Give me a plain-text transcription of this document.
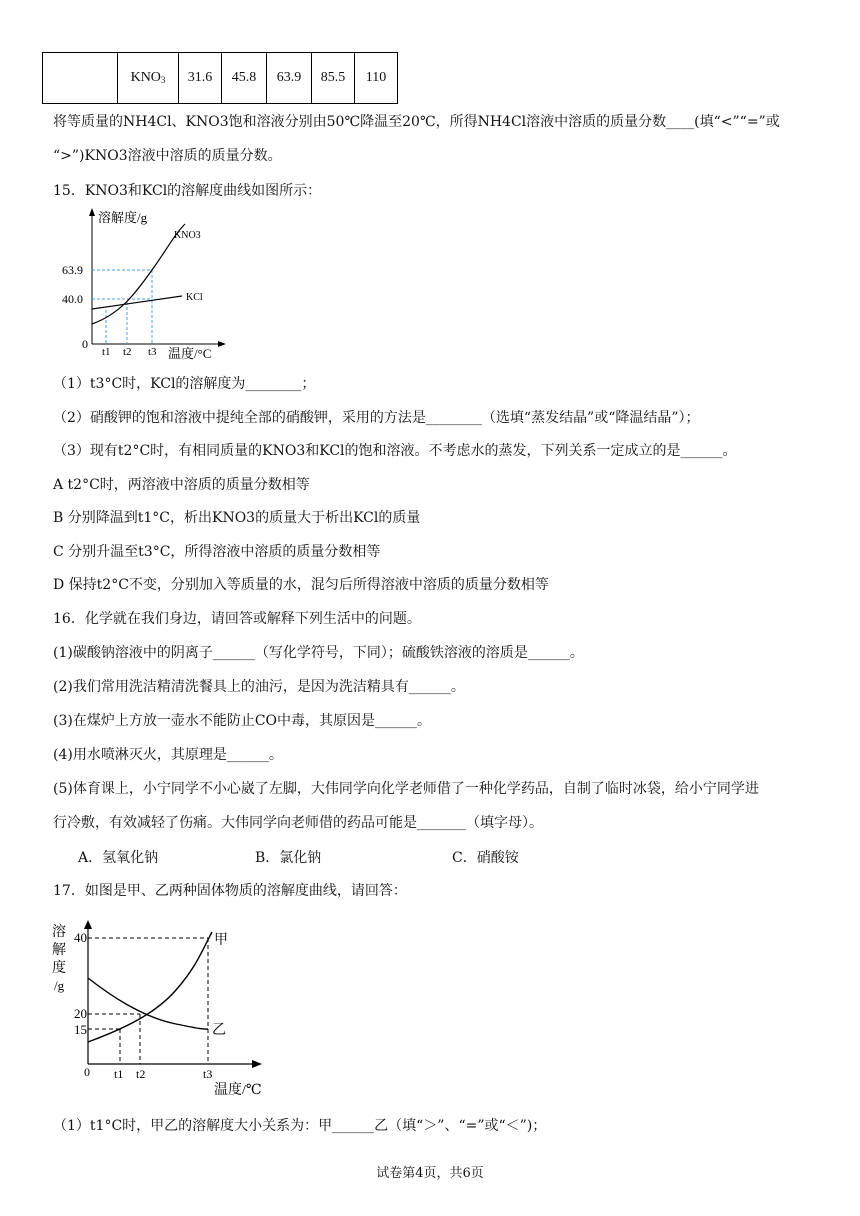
	$KNO_3$	31.6	45.8	63.9	85.5	110
将等质量的NH4Cl、KNO3饱和溶液分别由50℃降温至20℃，所得NH4Cl溶液中溶质的质量分数____(填“<”“=”或
“>”)KNO3溶液中溶质的质量分数。
15．KNO3和KCl的溶解度曲线如图所示：
溶解度/g
温度/°C
0
63.9
40.0
KNO3
KCl
t1 t2 t3
（1）t3°C时，KCl的溶解度为________；
（2）硝酸钾的饱和溶液中提纯全部的硝酸钾，采用的方法是________（选填“蒸发结晶”或“降温结晶”）；
（3）现有t2°C时，有相同质量的KNO3和KCl的饱和溶液。不考虑水的蒸发，下列关系一定成立的是______。
A t2°C时，两溶液中溶质的质量分数相等
B 分别降温到t1°C，析出KNO3的质量大于析出KCl的质量
C 分别升温至t3°C，所得溶液中溶质的质量分数相等
D 保持t2°C不变，分别加入等质量的水，混匀后所得溶液中溶质的质量分数相等
16．化学就在我们身边，请回答或解释下列生活中的问题。
(1)碳酸钠溶液中的阴离子______（写化学符号，下同）；硫酸铁溶液的溶质是______。
(2)我们常用洗洁精清洗餐具上的油污，是因为洗洁精具有______。
(3)在煤炉上方放一壶水不能防止CO中毒，其原因是______。
(4)用水喷淋灭火，其原理是______。
(5)体育课上，小宁同学不小心崴了左脚，大伟同学向化学老师借了一种化学药品，自制了临时冰袋，给小宁同学进
行冷敷，有效减轻了伤痛。大伟同学向老师借的药品可能是_______（填字母）。
A．氢氧化钠	B．氯化钠	C．硝酸铵
17．如图是甲、乙两种固体物质的溶解度曲线，请回答：
溶
解
度
/g
40
20
15
0
甲
乙
t1 t2	t3
温度/℃
（1）t1°C时，甲乙的溶解度大小关系为：甲______乙（填“＞”、“=”或“＜”)；
试卷第4页，共6页
